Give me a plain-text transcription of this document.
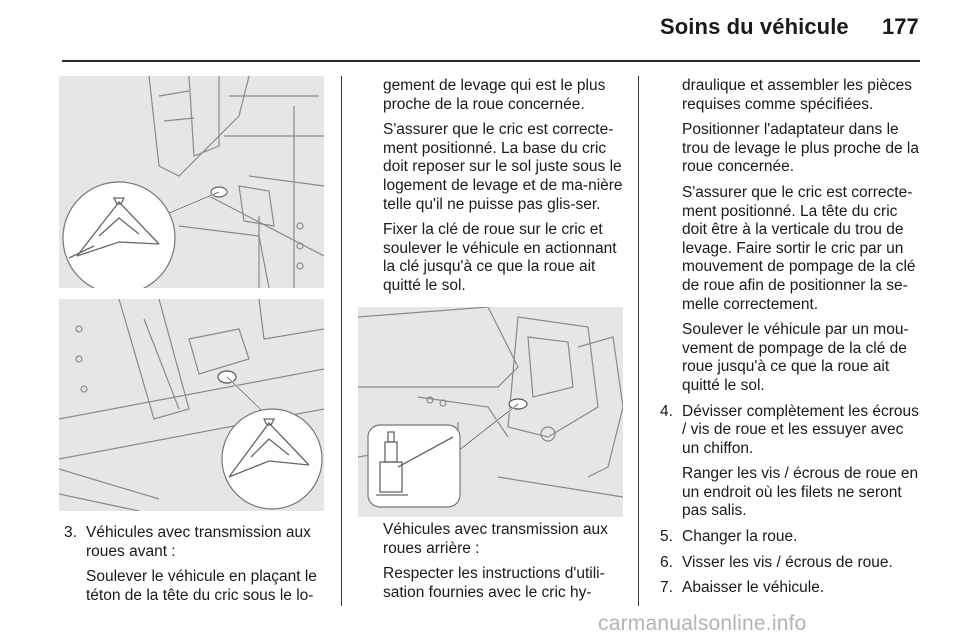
Soins du véhicule 177
3. Véhicules avec transmission aux roues avant :

Soulever le véhicule en plaçant le téton de la tête du cric sous le lo-

gement de levage qui est le plus proche de la roue concernée.

S'assurer que le cric est correcte-ment positionné. La base du cric doit reposer sur le sol juste sous le logement de levage et de ma-nière telle qu'il ne puisse pas glis-ser.

Fixer la clé de roue sur le cric et soulever le véhicule en actionnant la clé jusqu'à ce que la roue ait quitté le sol.

Véhicules avec transmission aux roues arrière :

Respecter les instructions d'utili-sation fournies avec le cric hy-

draulique et assembler les pièces requises comme spécifiées.

Positionner l'adaptateur dans le trou de levage le plus proche de la roue concernée.

S'assurer que le cric est correcte-ment positionné. La tête du cric doit être à la verticale du trou de levage. Faire sortir le cric par un mouvement de pompage de la clé de roue afin de positionner la se-melle correctement.

Soulever le véhicule par un mou-vement de pompage de la clé de roue jusqu'à ce que la roue ait quitté le sol.

4. Dévisser complètement les écrous / vis de roue et les essuyer avec un chiffon.

Ranger les vis / écrous de roue en un endroit où les filets ne seront pas salis.

5. Changer la roue.

6. Visser les vis / écrous de roue.

7. Abaisser le véhicule.

carmanualsonline.info
